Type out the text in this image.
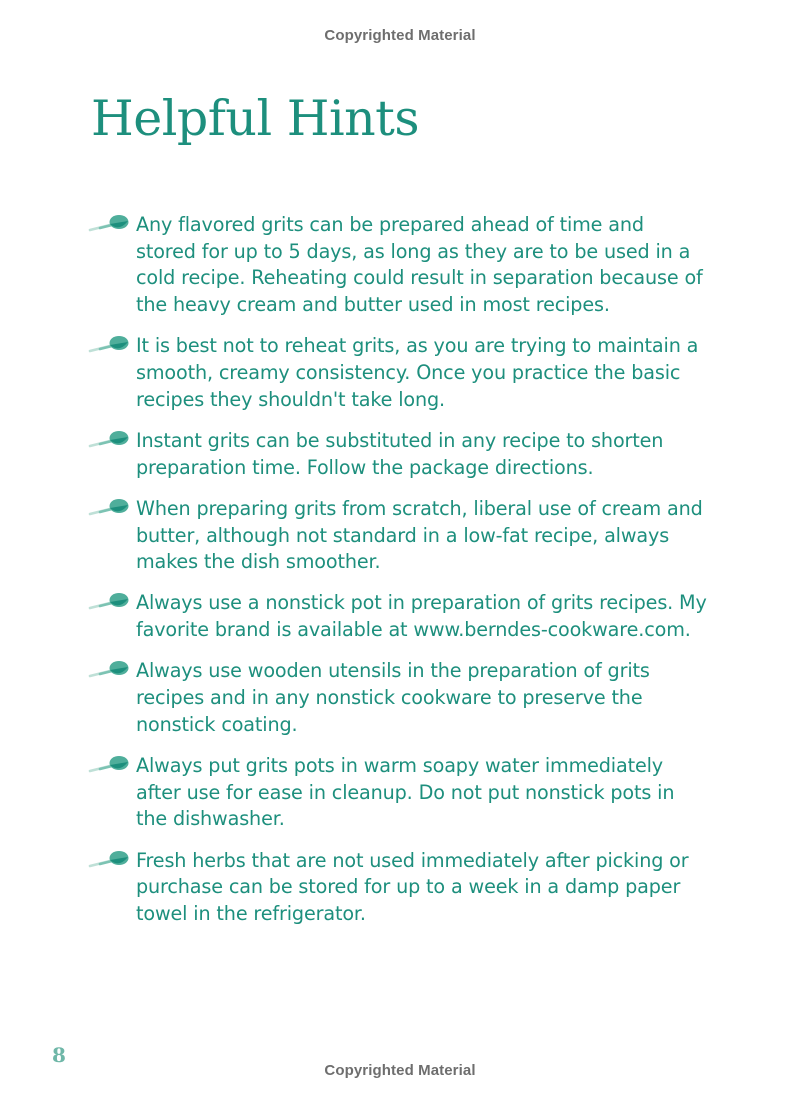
Copyrighted Material
Helpful Hints
Any flavored grits can be prepared ahead of time and stored for up to 5 days, as long as they are to be used in a cold recipe. Reheating could result in separation because of the heavy cream and butter used in most recipes.
It is best not to reheat grits, as you are trying to maintain a smooth, creamy consistency. Once you practice the basic recipes they shouldn't take long.
Instant grits can be substituted in any recipe to shorten preparation time. Follow the package directions.
When preparing grits from scratch, liberal use of cream and butter, although not standard in a low-fat recipe, always makes the dish smoother.
Always use a nonstick pot in preparation of grits recipes. My favorite brand is available at www.berndes-cookware.com.
Always use wooden utensils in the preparation of grits recipes and in any nonstick cookware to preserve the nonstick coating.
Always put grits pots in warm soapy water immediately after use for ease in cleanup. Do not put nonstick pots in the dishwasher.
Fresh herbs that are not used immediately after picking or purchase can be stored for up to a week in a damp paper towel in the refrigerator.
8
Copyrighted Material
